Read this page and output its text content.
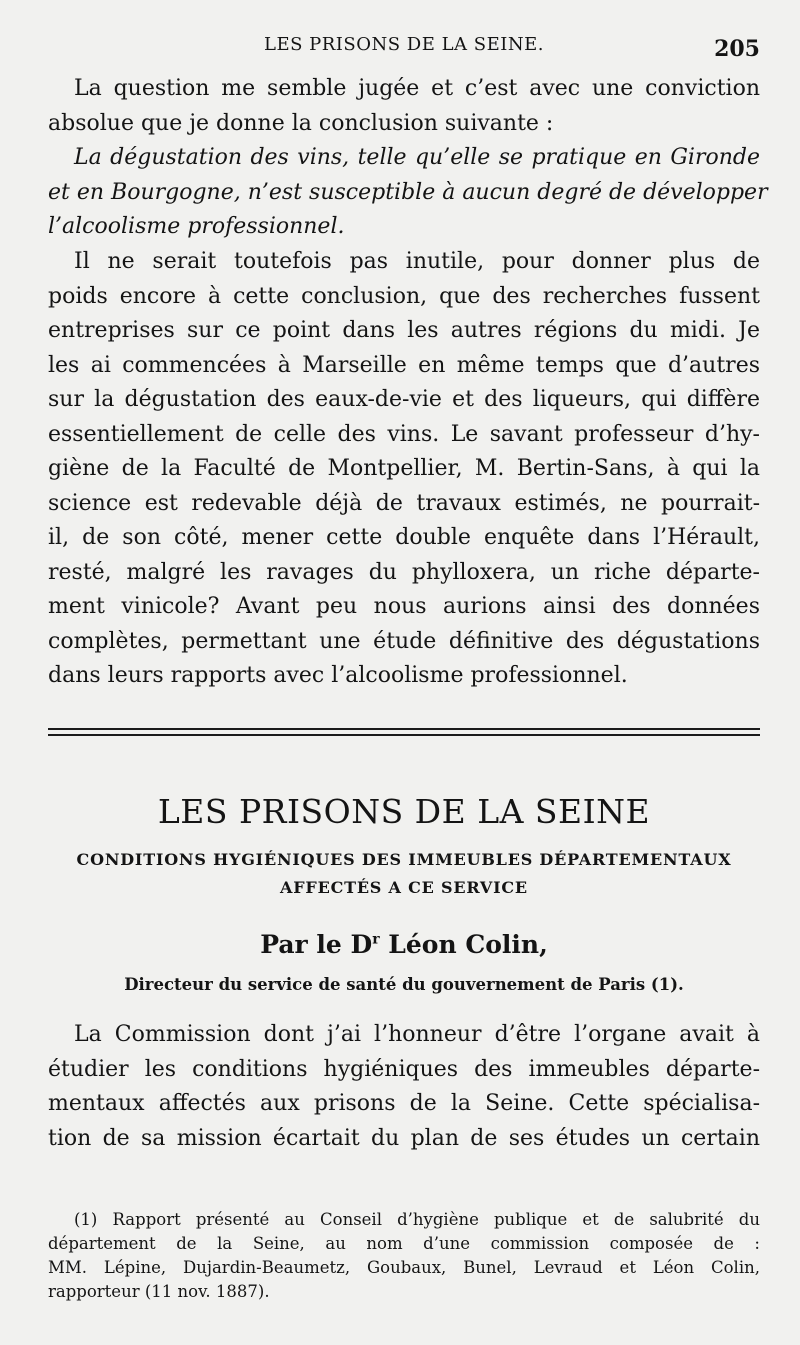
LES PRISONS DE LA SEINE.	205
La question me semble jugée et c’est avec une conviction
absolue que je donne la conclusion suivante :
La dégustation des vins, telle qu’elle se pratique en Gironde
et en Bourgogne, n’est susceptible à aucun degré de développer
l’alcoolisme professionnel.
Il ne serait toutefois pas inutile, pour donner plus de
poids encore à cette conclusion, que des recherches fussent
entreprises sur ce point dans les autres régions du midi. Je
les ai commencées à Marseille en même temps que d’autres
sur la dégustation des eaux-de-vie et des liqueurs, qui diffère
essentiellement de celle des vins. Le savant professeur d’hy-
giène de la Faculté de Montpellier, M. Bertin-Sans, à qui la
science est redevable déjà de travaux estimés, ne pourrait-
il, de son côté, mener cette double enquête dans l’Hérault,
resté, malgré les ravages du phylloxera, un riche départe-
ment vinicole? Avant peu nous aurions ainsi des données
complètes, permettant une étude définitive des dégustations
dans leurs rapports avec l’alcoolisme professionnel.
LES PRISONS DE LA SEINE
CONDITIONS HYGIÉNIQUES DES IMMEUBLES DÉPARTEMENTAUX
AFFECTÉS A CE SERVICE
Par le $D^r$ Léon Colin,
Directeur du service de santé du gouvernement de Paris (1).
La Commission dont j’ai l’honneur d’être l’organe avait à
étudier les conditions hygiéniques des immeubles départe-
mentaux affectés aux prisons de la Seine. Cette spécialisa-
tion de sa mission écartait du plan de ses études un certain
(1) Rapport présenté au Conseil d’hygiène publique et de salubrité du
département de la Seine, au nom d’une commission composée de :
MM. Lépine, Dujardin-Beaumetz, Goubaux, Bunel, Levraud et Léon Colin,
rapporteur (11 nov. 1887).
